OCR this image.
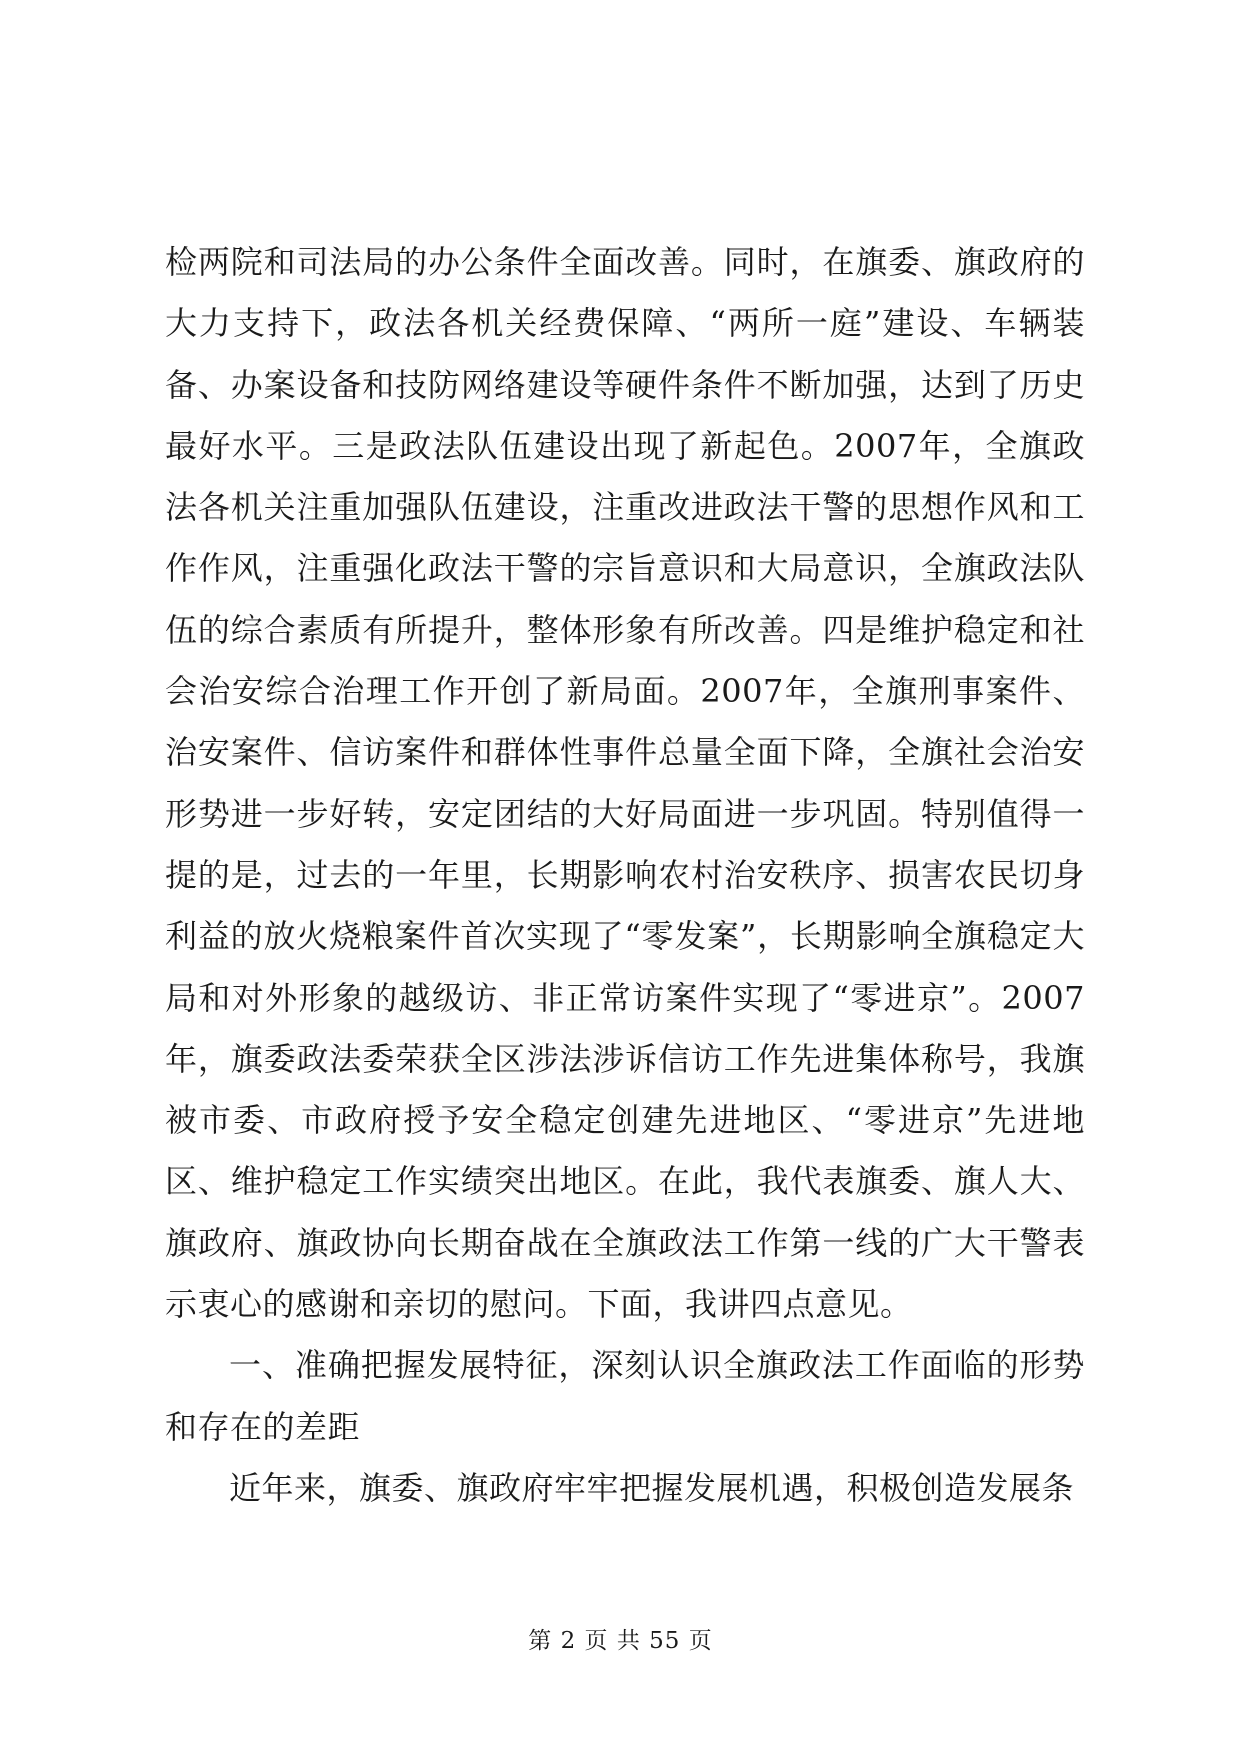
检两院和司法局的办公条件全面改善。同时，在旗委、旗政府的大力支持下，政法各机关经费保障、“两所一庭”建设、车辆装备、办案设备和技防网络建设等硬件条件不断加强，达到了历史最好水平。三是政法队伍建设出现了新起色。2007年，全旗政法各机关注重加强队伍建设，注重改进政法干警的思想作风和工作作风，注重强化政法干警的宗旨意识和大局意识，全旗政法队伍的综合素质有所提升，整体形象有所改善。四是维护稳定和社会治安综合治理工作开创了新局面。2007年，全旗刑事案件、治安案件、信访案件和群体性事件总量全面下降，全旗社会治安形势进一步好转，安定团结的大好局面进一步巩固。特别值得一提的是，过去的一年里，长期影响农村治安秩序、损害农民切身利益的放火烧粮案件首次实现了“零发案”，长期影响全旗稳定大局和对外形象的越级访、非正常访案件实现了“零进京”。2007年，旗委政法委荣获全区涉法涉诉信访工作先进集体称号，我旗被市委、市政府授予安全稳定创建先进地区、“零进京”先进地区、维护稳定工作实绩突出地区。在此，我代表旗委、旗人大、旗政府、旗政协向长期奋战在全旗政法工作第一线的广大干警表示衷心的感谢和亲切的慰问。下面，我讲四点意见。

一、准确把握发展特征，深刻认识全旗政法工作面临的形势和存在的差距

近年来，旗委、旗政府牢牢把握发展机遇，积极创造发展条

第 2 页 共 55 页
